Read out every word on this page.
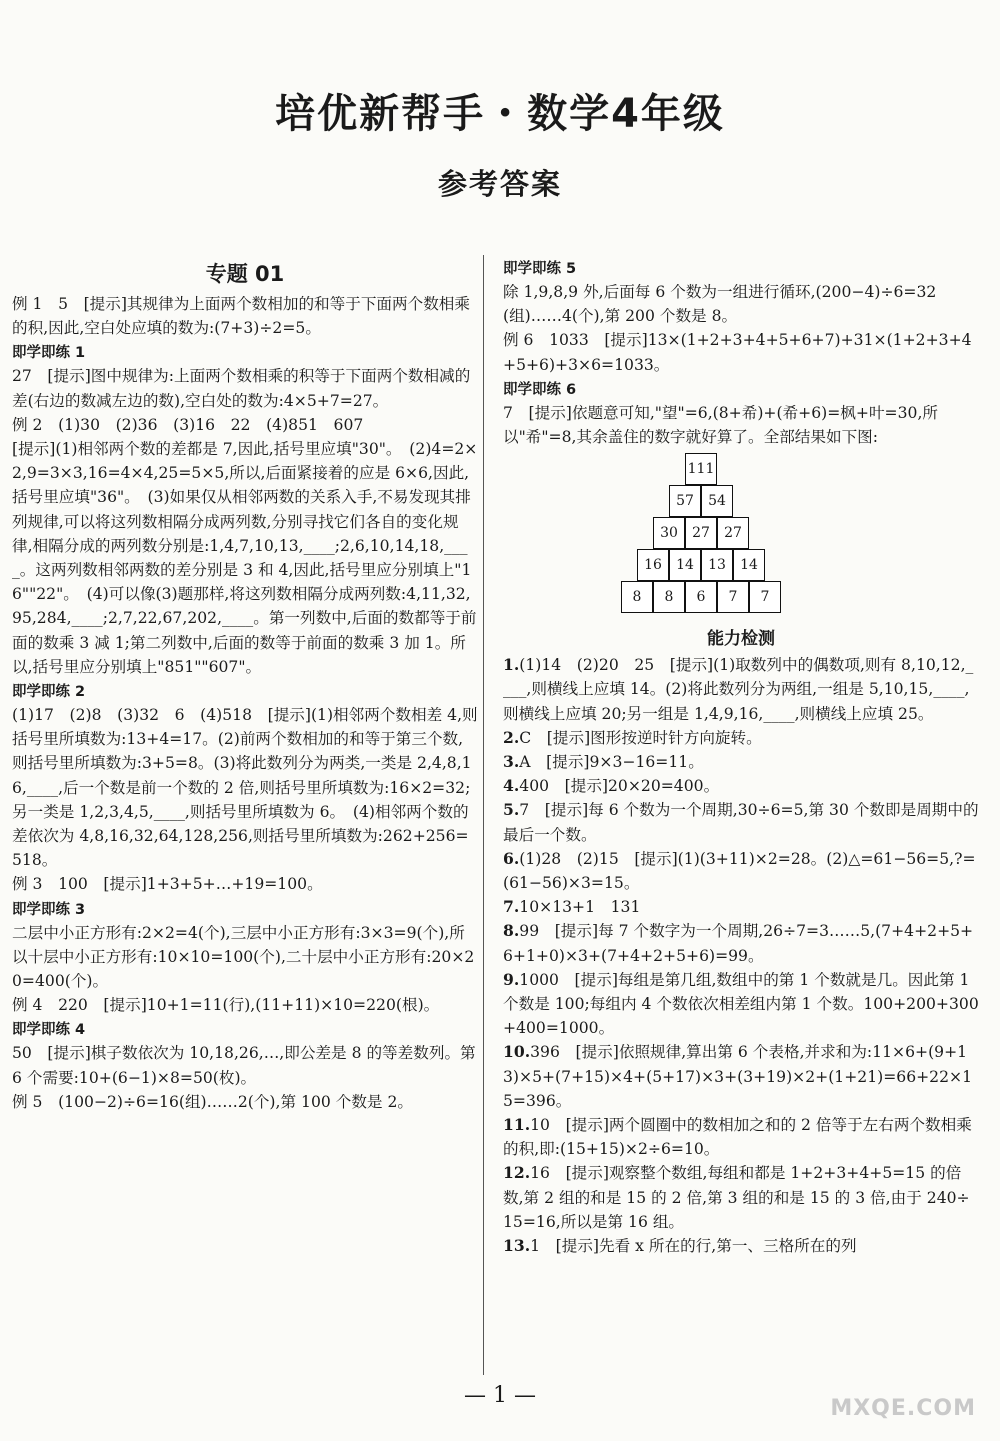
培优新帮手・数学4年级
参考答案
专题 01
例 1　5　[提示]其规律为上面两个数相加的和等于下面两个数相乘的积,因此,空白处应填的数为:(7+3)÷2=5。
即学即练 1
27　[提示]图中规律为:上面两个数相乘的积等于下面两个数相减的差(右边的数减左边的数),空白处的数为:4×5+7=27。
例 2　(1)30　(2)36　(3)16　22　(4)851　607
[提示](1)相邻两个数的差都是 7,因此,括号里应填"30"。　(2)4=2×2,9=3×3,16=4×4,25=5×5,所以,后面紧接着的应是 6×6,因此,括号里应填"36"。　(3)如果仅从相邻两数的关系入手,不易发现其排列规律,可以将这列数相隔分成两列数,分别寻找它们各自的变化规律,相隔分成的两列数分别是:1,4,7,10,13,____;2,6,10,14,18,____。这两列数相邻两数的差分别是 3 和 4,因此,括号里应分别填上"16""22"。　(4)可以像(3)题那样,将这列数相隔分成两列数:4,11,32,95,284,____;2,7,22,67,202,____。第一列数中,后面的数都等于前面的数乘 3 减 1;第二列数中,后面的数等于前面的数乘 3 加 1。所以,括号里应分别填上"851""607"。
即学即练 2
(1)17　(2)8　(3)32　6　(4)518　[提示](1)相邻两个数相差 4,则括号里所填数为:13+4=17。(2)前两个数相加的和等于第三个数,则括号里所填数为:3+5=8。(3)将此数列分为两类,一类是 2,4,8,16,____,后一个数是前一个数的 2 倍,则括号里所填数为:16×2=32;另一类是 1,2,3,4,5,____,则括号里所填数为 6。　(4)相邻两个数的差依次为 4,8,16,32,64,128,256,则括号里所填数为:262+256=518。
例 3　100　[提示]1+3+5+…+19=100。
即学即练 3
二层中小正方形有:2×2=4(个),三层中小正方形有:3×3=9(个),所以十层中小正方形有:10×10=100(个),二十层中小正方形有:20×20=400(个)。
例 4　220　[提示]10+1=11(行),(11+11)×10=220(根)。
即学即练 4
50　[提示]棋子数依次为 10,18,26,…,即公差是 8 的等差数列。第 6 个需要:10+(6−1)×8=50(枚)。
例 5　(100−2)÷6=16(组)……2(个),第 100 个数是 2。
即学即练 5
除 1,9,8,9 外,后面每 6 个数为一组进行循环,(200−4)÷6=32(组)……4(个),第 200 个数是 8。
例 6　1033　[提示]13×(1+2+3+4+5+6+7)+31×(1+2+3+4+5+6)+3×6=1033。
即学即练 6
7　[提示]依题意可知,"望"=6,(8+希)+(希+6)=枫+叶=30,所以"希"=8,其余盖住的数字就好算了。全部结果如下图:
111
57	54
30	27	27
16	14	13	14
8	8	6	7	7
能力检测
1.(1)14　(2)20　25　[提示](1)取数列中的偶数项,则有 8,10,12,____,则横线上应填 14。(2)将此数列分为两组,一组是 5,10,15,____,则横线上应填 20;另一组是 1,4,9,16,____,则横线上应填 25。
2.C　[提示]图形按逆时针方向旋转。
3.A　[提示]9×3−16=11。
4.400　[提示]20×20=400。
5.7　[提示]每 6 个数为一个周期,30÷6=5,第 30 个数即是周期中的最后一个数。
6.(1)28　(2)15　[提示](1)(3+11)×2=28。(2)△=61−56=5,?=(61−56)×3=15。
7.10×13+1　131
8.99　[提示]每 7 个数字为一个周期,26÷7=3……5,(7+4+2+5+6+1+0)×3+(7+4+2+5+6)=99。
9.1000　[提示]每组是第几组,数组中的第 1 个数就是几。因此第 1 个数是 100;每组内 4 个数依次相差组内第 1 个数。100+200+300+400=1000。
10.396　[提示]依照规律,算出第 6 个表格,并求和为:11×6+(9+13)×5+(7+15)×4+(5+17)×3+(3+19)×2+(1+21)=66+22×15=396。
11.10　[提示]两个圆圈中的数相加之和的 2 倍等于左右两个数相乘的积,即:(15+15)×2÷6=10。
12.16　[提示]观察整个数组,每组和都是 1+2+3+4+5=15 的倍数,第 2 组的和是 15 的 2 倍,第 3 组的和是 15 的 3 倍,由于 240÷15=16,所以是第 16 组。
13.1　[提示]先看 x 所在的行,第一、三格所在的列
— 1 —
MXQE.COM
